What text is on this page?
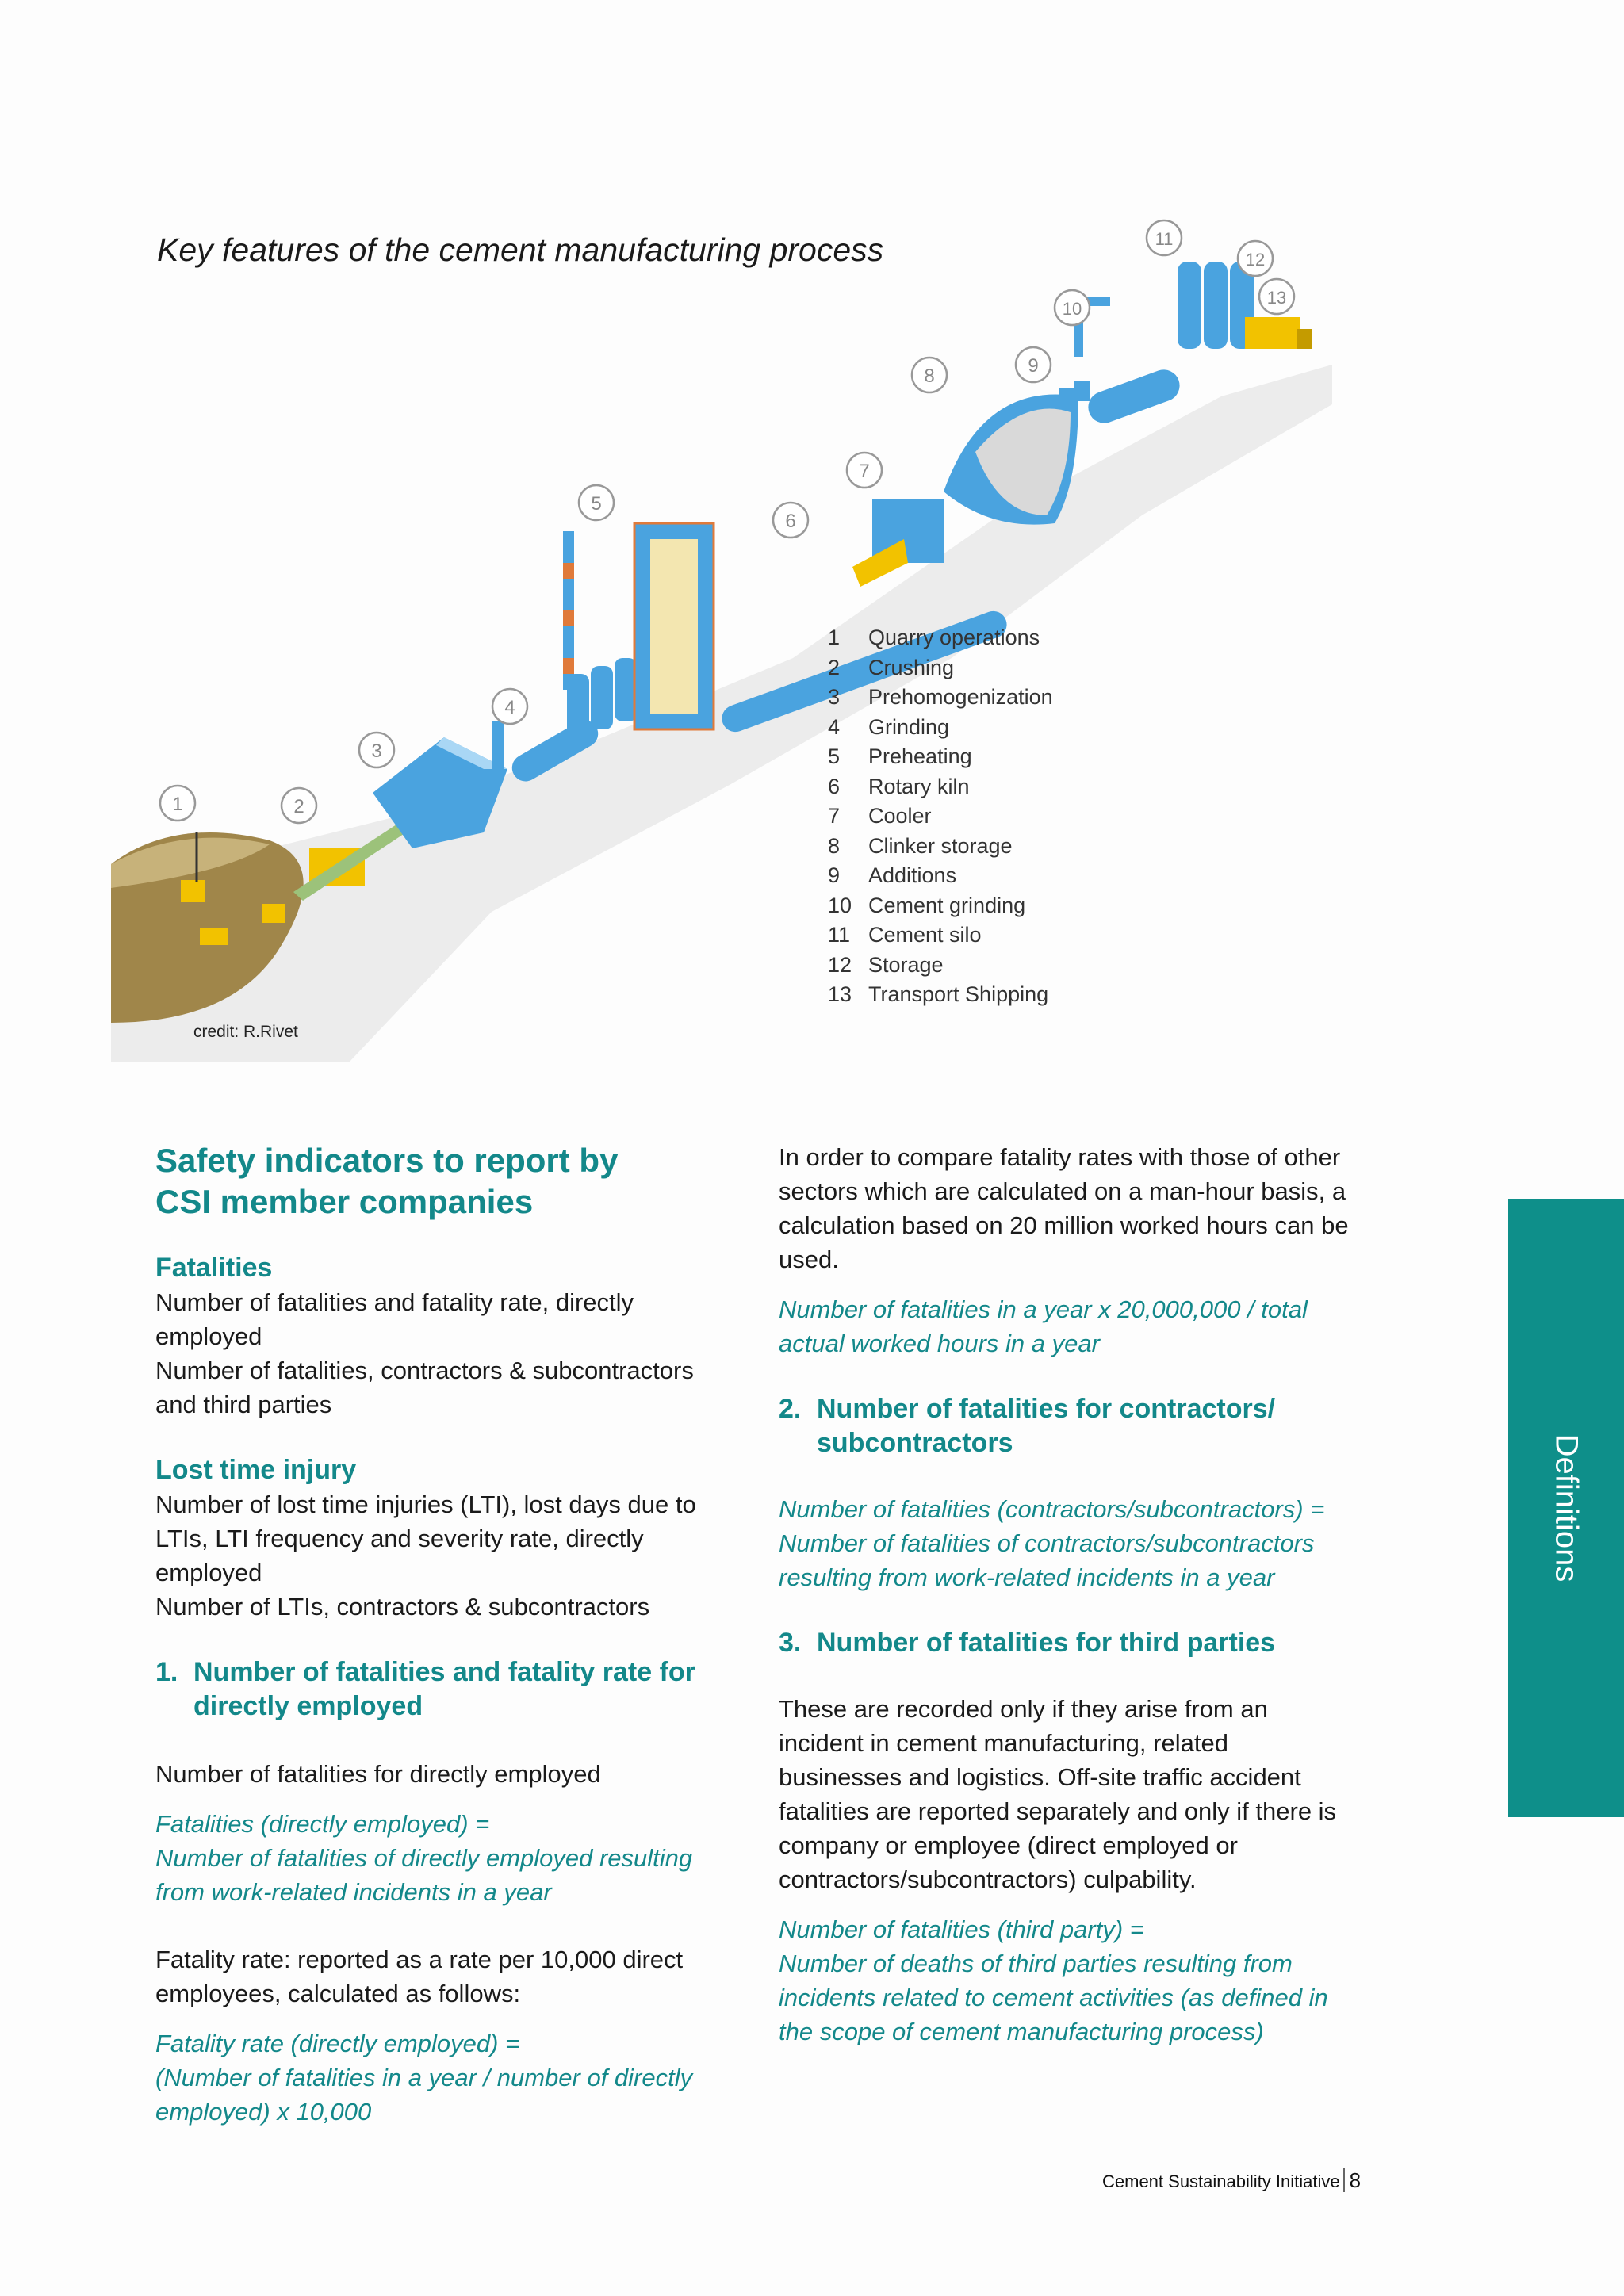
Key features of the cement manufacturing process
1	2
3
4
5
6
7
8	9
10
11
12
13
credit: R.Rivet
1	Quarry operations
2	Crushing
3	Prehomogenization
4	Grinding
5	Preheating
6	Rotary kiln
7	Cooler
8	Clinker storage
9	Additions
10 Cement grinding
11 Cement silo
12 Storage
13 Transport Shipping
Safety indicators to report by
CSI member companies
Fatalities

Number of fatalities and fatality rate, directly employed

Number of fatalities, contractors & subcontractors and third parties

Lost time injury

Number of lost time injuries (LTI), lost days due to LTIs, LTI frequency and severity rate, directly employed

Number of LTIs, contractors & subcontractors

1. Number of fatalities and fatality rate for directly employed

Number of fatalities for directly employed

Fatalities (directly employed) =

Number of fatalities of directly employed resulting from work-related incidents in a year

Fatality rate: reported as a rate per 10,000 direct employees, calculated as follows:

Fatality rate (directly employed) =

(Number of fatalities in a year / number of directly employed) x 10,000

In order to compare fatality rates with those of other sectors which are calculated on a man-hour basis, a calculation based on 20 million worked hours can be used.

Number of fatalities in a year x 20,000,000 / total actual worked hours in a year

2. Number of fatalities for contractors/ subcontractors

Number of fatalities (contractors/subcontractors) =

Number of fatalities of contractors/subcontractors resulting from work-related incidents in a year

3. Number of fatalities for third parties

These are recorded only if they arise from an incident in cement manufacturing, related businesses and logistics. Off-site traffic accident fatalities are reported separately and only if there is company or employee (direct employed or contractors/subcontractors) culpability.

Number of fatalities (third party) =

Number of deaths of third parties resulting from incidents related to cement activities (as defined in the scope of cement manufacturing process)

Definitions
Cement Sustainability Initiative 8
